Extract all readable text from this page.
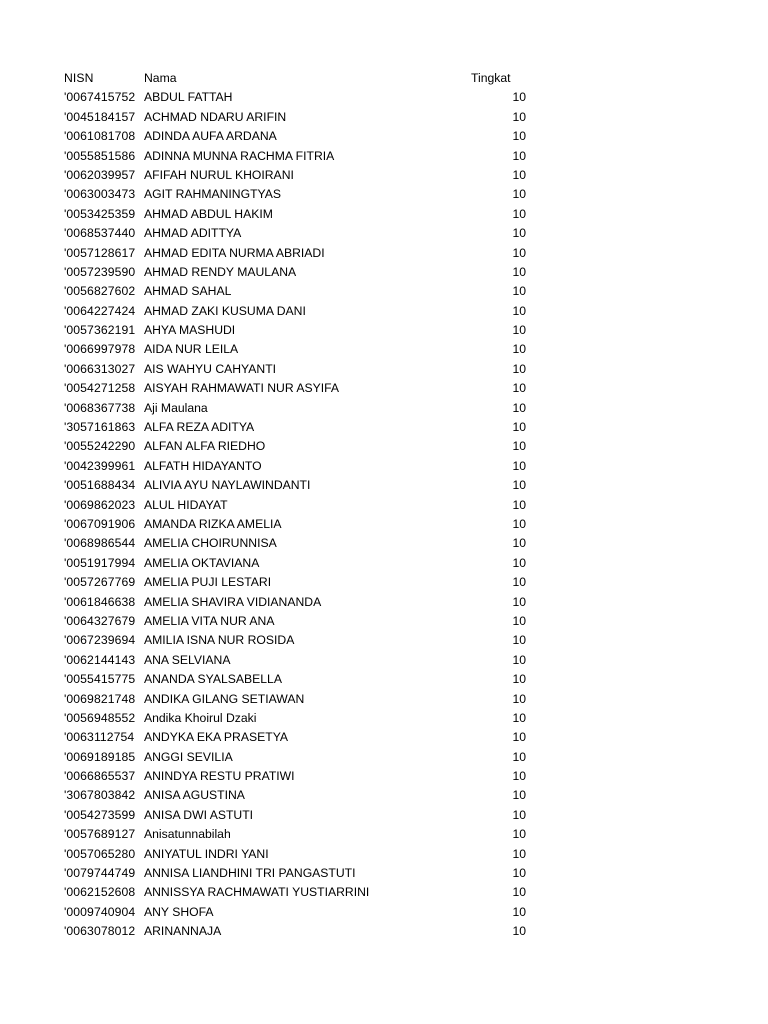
NISN	Nama	Tingkat
'0067415752 ABDUL FATTAH	10
'0045184157 ACHMAD NDARU ARIFIN	10
'0061081708 ADINDA AUFA ARDANA	10
'0055851586 ADINNA MUNNA RACHMA FITRIA	10
'0062039957 AFIFAH NURUL KHOIRANI	10
'0063003473 AGIT RAHMANINGTYAS	10
'0053425359 AHMAD ABDUL HAKIM	10
'0068537440 AHMAD ADITTYA	10
'0057128617 AHMAD EDITA NURMA ABRIADI	10
'0057239590 AHMAD RENDY MAULANA	10
'0056827602 AHMAD SAHAL	10
'0064227424 AHMAD ZAKI KUSUMA DANI	10
'0057362191 AHYA MASHUDI	10
'0066997978 AIDA NUR LEILA	10
'0066313027 AIS WAHYU CAHYANTI	10
'0054271258 AISYAH RAHMAWATI NUR ASYIFA	10
'0068367738 Aji Maulana	10
'3057161863 ALFA REZA ADITYA	10
'0055242290 ALFAN ALFA RIEDHO	10
'0042399961 ALFATH HIDAYANTO	10
'0051688434 ALIVIA AYU NAYLAWINDANTI	10
'0069862023 ALUL HIDAYAT	10
'0067091906 AMANDA RIZKA AMELIA	10
'0068986544 AMELIA CHOIRUNNISA	10
'0051917994 AMELIA OKTAVIANA	10
'0057267769 AMELIA PUJI LESTARI	10
'0061846638 AMELIA SHAVIRA VIDIANANDA	10
'0064327679 AMELIA VITA NUR ANA	10
'0067239694 AMILIA ISNA NUR ROSIDA	10
'0062144143 ANA SELVIANA	10
'0055415775 ANANDA SYALSABELLA	10
'0069821748 ANDIKA GILANG SETIAWAN	10
'0056948552 Andika Khoirul Dzaki	10
'0063112754 ANDYKA EKA PRASETYA	10
'0069189185 ANGGI SEVILIA	10
'0066865537 ANINDYA RESTU PRATIWI	10
'3067803842 ANISA AGUSTINA	10
'0054273599 ANISA DWI ASTUTI	10
'0057689127 Anisatunnabilah	10
'0057065280 ANIYATUL INDRI YANI	10
'0079744749 ANNISA LIANDHINI TRI PANGASTUTI	10
'0062152608 ANNISSYA RACHMAWATI YUSTIARRINI	10
'0009740904 ANY SHOFA	10
'0063078012 ARINANNAJA	10
